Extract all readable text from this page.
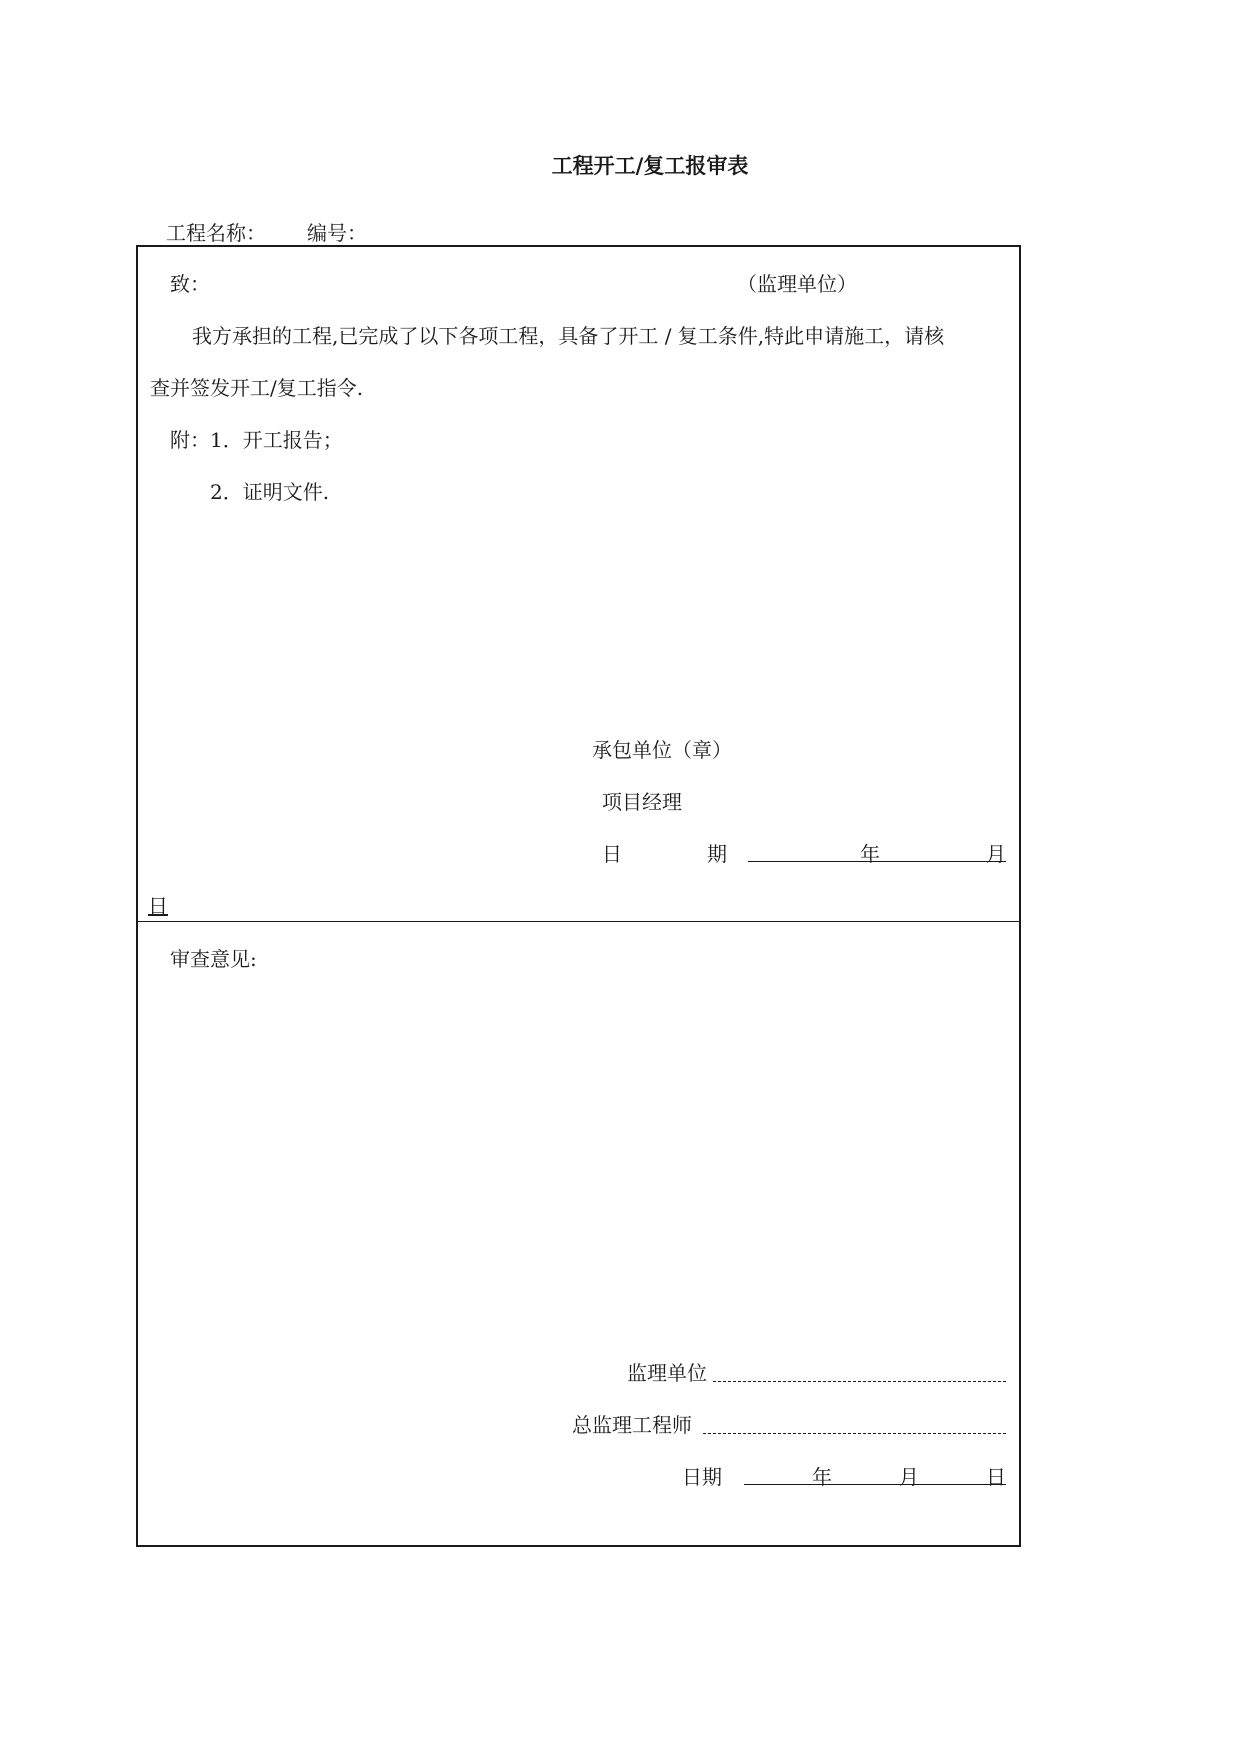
工程开工/复工报审表
工程名称： 编号：
致：	（监理单位）
我方承担的工程,已完成了以下各项工程，具备了开工 / 复工条件,特此申请施工，请核
查并签发开工/复工指令.
附：1．开工报告；
2．证明文件.
承包单位（章）
项目经理
日	期	年	月
日
审查意见:
监理单位
总监理工程师
日期	年	月	日
